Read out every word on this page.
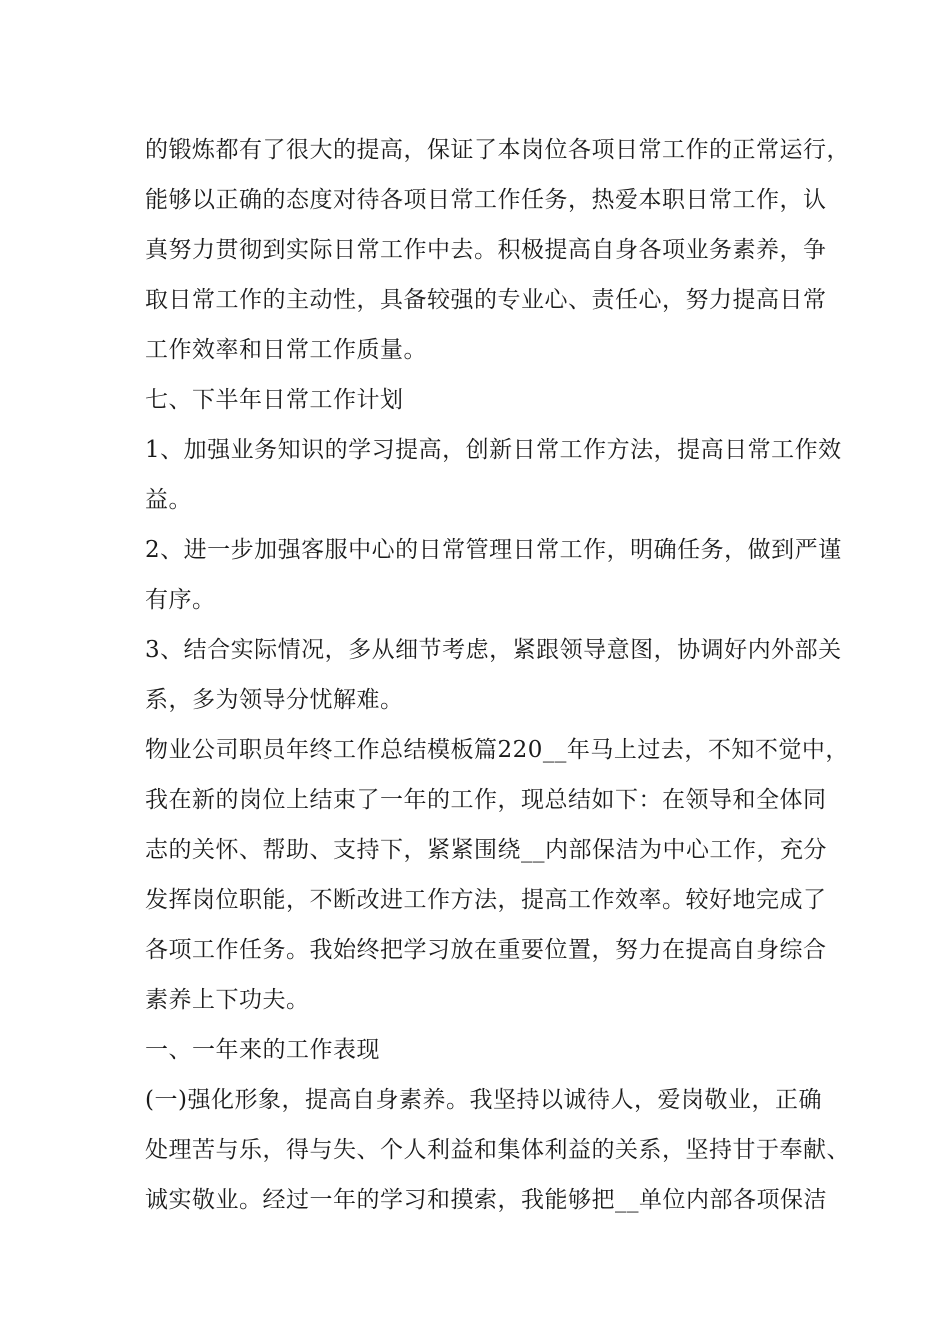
的锻炼都有了很大的提高，保证了本岗位各项日常工作的正常运行，
能够以正确的态度对待各项日常工作任务，热爱本职日常工作，认
真努力贯彻到实际日常工作中去。积极提高自身各项业务素养，争
取日常工作的主动性，具备较强的专业心、责任心，努力提高日常
工作效率和日常工作质量。
七、下半年日常工作计划
1、加强业务知识的学习提高，创新日常工作方法，提高日常工作效
益。
2、进一步加强客服中心的日常管理日常工作，明确任务，做到严谨
有序。
3、结合实际情况，多从细节考虑，紧跟领导意图，协调好内外部关
系，多为领导分忧解难。
物业公司职员年终工作总结模板篇220__年马上过去，不知不觉中，
我在新的岗位上结束了一年的工作，现总结如下：在领导和全体同
志的关怀、帮助、支持下，紧紧围绕__内部保洁为中心工作，充分
发挥岗位职能，不断改进工作方法，提高工作效率。较好地完成了
各项工作任务。我始终把学习放在重要位置，努力在提高自身综合
素养上下功夫。
一、一年来的工作表现
(一)强化形象，提高自身素养。我坚持以诚待人，爱岗敬业，正确
处理苦与乐，得与失、个人利益和集体利益的关系，坚持甘于奉献、
诚实敬业。经过一年的学习和摸索，我能够把__单位内部各项保洁
